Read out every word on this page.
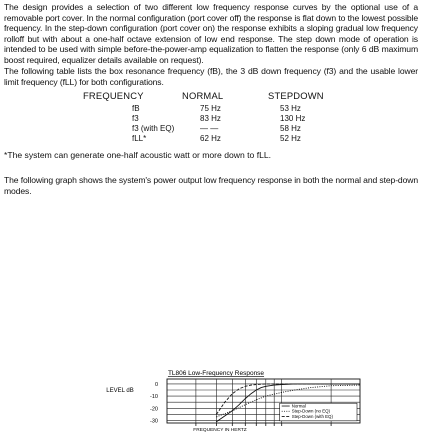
The design provides a selection of two different low frequency response curves by the optional use of a removable port cover. In the normal configuration (port cover off) the response is flat down to the lowest possible frequency. In the step-down configuration (port cover on) the response exhibits a sloping gradual low frequency rolloff but with about a one-half octave extension of low end response. The step down mode of operation is intended to be used with simple before-the-power-amp equalization to flatten the response (only 6 dB maximum boost required, equalizer details available on request).

The following table lists the box resonance frequency (fB), the 3 dB down frequency (f3) and the usable lower limit frequency (fLL) for both configurations.

FREQUENCY	NORMAL	STEPDOWN
fB	75 Hz	53 Hz
f3	83 Hz	130 Hz
f3 (with EQ)	— —	58 Hz
fLL*	62 Hz	52 Hz

*The system can generate one-half acoustic watt or more down to fLL.

The following graph shows the system's power output low frequency response in both the normal and step-down modes.

TL806 Low-Frequency Response
LEVEL dB
FREQUENCY IN HERTZ
0
-10
-20
-30
Normal
Step-Down (no EQ)
Step-Down (with EQ)
